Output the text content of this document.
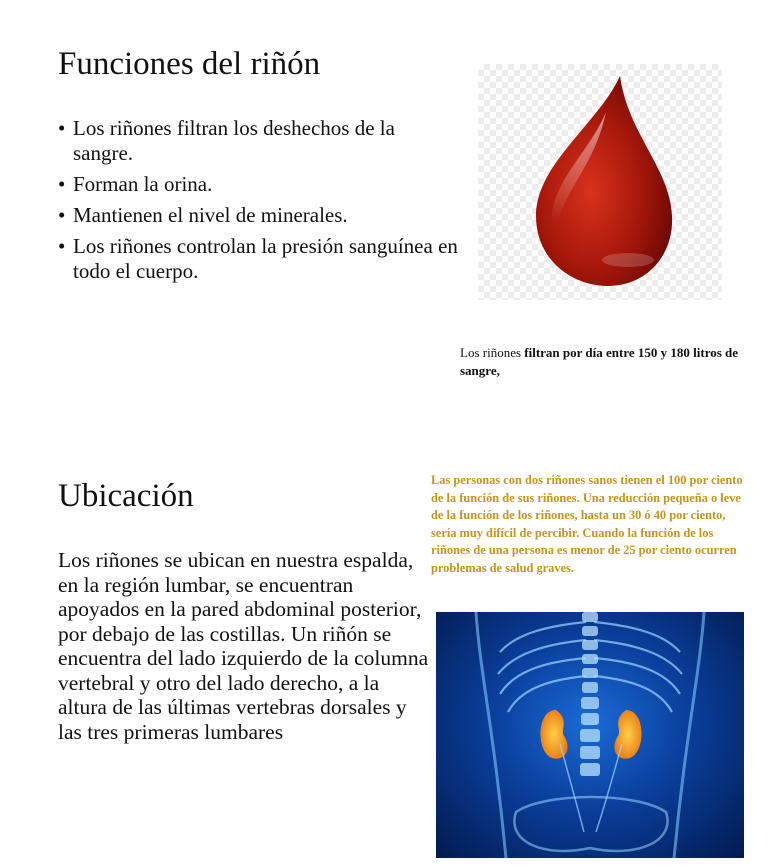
Funciones del riñón
• Los riñones filtran los deshechos de la sangre.
• Forman la orina.
• Mantienen el nivel de minerales.
• Los riñones controlan la presión sanguínea en todo el cuerpo.
Los riñones filtran por día entre 150 y 180 litros de sangre,
Ubicación	Las personas con dos riñones sanos tienen el 100 por ciento de la función de sus riñones. Una reducción pequeña o leve de la función de los riñones, hasta un 30 ó 40 por ciento, sería muy difícil de percibir. Cuando la función de los riñones de una persona es menor de 25 por ciento ocurren problemas de salud graves.
Los riñones se ubican en nuestra espalda, en la región lumbar, se encuentran apoyados en la pared abdominal posterior, por debajo de las costillas. Un riñón se encuentra del lado izquierdo de la columna vertebral y otro del lado derecho, a la altura de las últimas vertebras dorsales y las tres primeras lumbares
